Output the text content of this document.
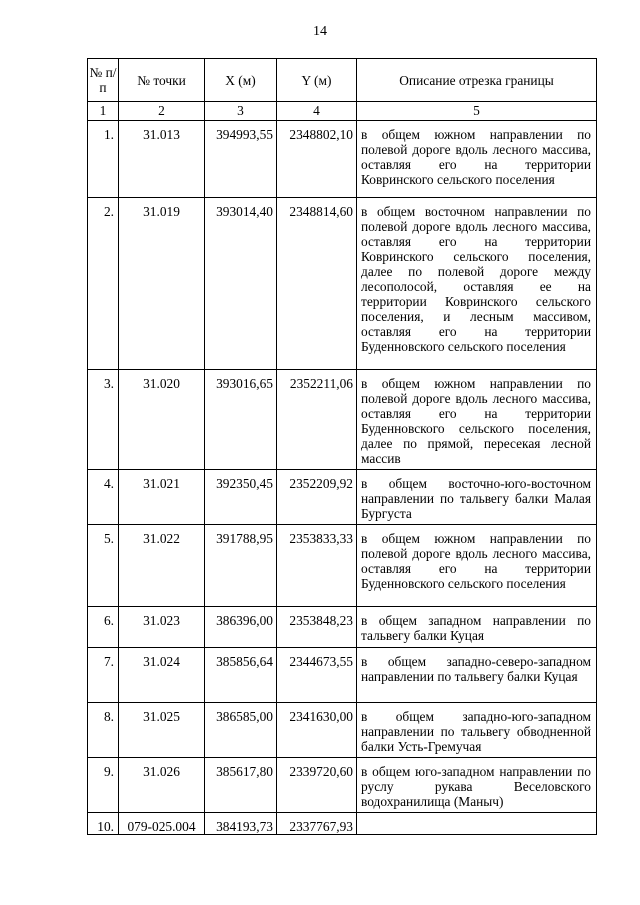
14
№ п/п	№ точки	X (м)	Y (м)	Описание отрезка границы
1	2	3	4	5
1.	31.013	394993,55	2348802,10	в общем южном направлении по полевой дороге вдоль лесного массива, оставляя его на территории Ковринского сельского поселения
2.	31.019	393014,40	2348814,60	в общем восточном направлении по полевой дороге вдоль лесного массива, оставляя его на территории Ковринского сельского поселения, далее по полевой дороге между лесополосой, оставляя ее на территории Ковринского сельского поселения, и лесным массивом, оставляя его на территории Буденновского сельского поселения
3.	31.020	393016,65	2352211,06	в общем южном направлении по полевой дороге вдоль лесного массива, оставляя его на территории Буденновского сельского поселения, далее по прямой, пересекая лесной массив
4.	31.021	392350,45	2352209,92	в общем восточно-юго-восточном направлении по тальвегу балки Малая Бургуста
5.	31.022	391788,95	2353833,33	в общем южном направлении по полевой дороге вдоль лесного массива, оставляя его на территории Буденновского сельского поселения
6.	31.023	386396,00	2353848,23	в общем западном направлении по тальвегу балки Куцая
7.	31.024	385856,64	2344673,55	в общем западно-северо-западном направлении по тальвегу балки Куцая
8.	31.025	386585,00	2341630,00	в общем западно-юго-западном направлении по тальвегу обводненной балки Усть-Гремучая
9.	31.026	385617,80	2339720,60	в общем юго-западном направлении по руслу рукава Веселовского водохранилища (Маныч)
10.	079-025.004	384193,73	2337767,93	
